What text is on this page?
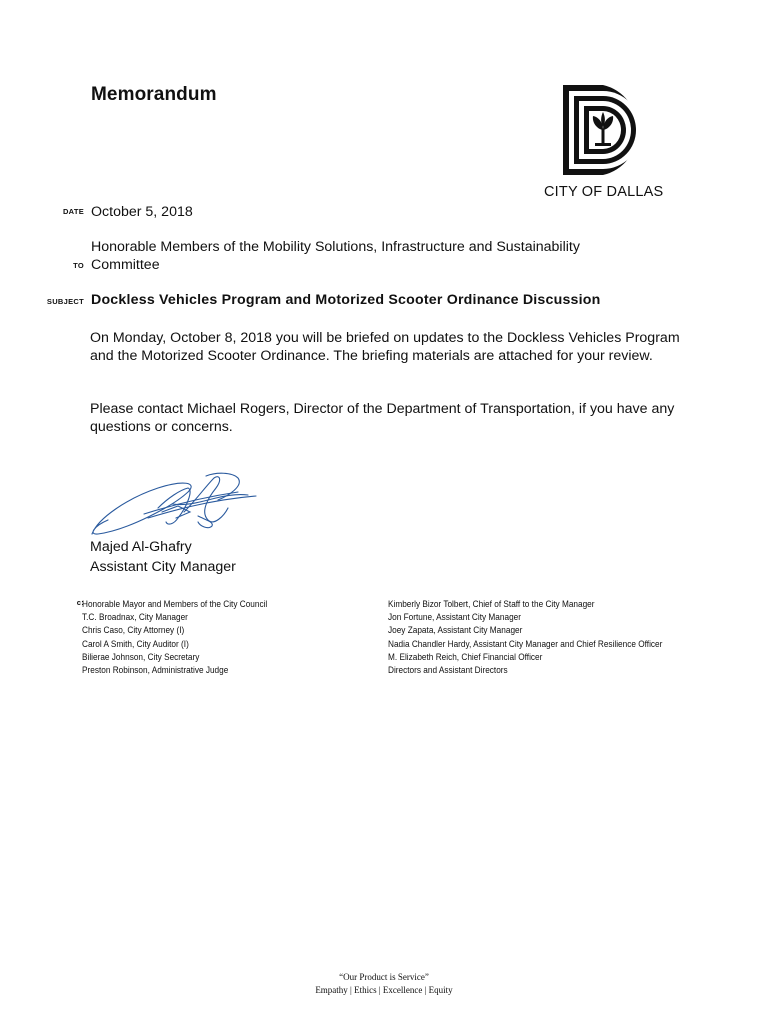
Memorandum
CITY OF DALLAS
DATE October 5, 2018
Honorable Members of the Mobility Solutions, Infrastructure and Sustainability
Committee
TO
SUBJECT Dockless Vehicles Program and Motorized Scooter Ordinance Discussion
On Monday, October 8, 2018 you will be briefed on updates to the Dockless Vehicles Program and the Motorized Scooter Ordinance. The briefing materials are attached for your review.
Please contact Michael Rogers, Director of the Department of Transportation, if you have any questions or concerns.
Majed Al-Ghafry
Assistant City Manager
c:
Honorable Mayor and Members of the City Council
T.C. Broadnax, City Manager
Chris Caso, City Attorney (I)
Carol A Smith, City Auditor (I)
Bilierae Johnson, City Secretary
Preston Robinson, Administrative Judge
Kimberly Bizor Tolbert, Chief of Staff to the City Manager
Jon Fortune, Assistant City Manager
Joey Zapata, Assistant City Manager
Nadia Chandler Hardy, Assistant City Manager and Chief Resilience Officer
M. Elizabeth Reich, Chief Financial Officer
Directors and Assistant Directors
“Our Product is Service”
Empathy | Ethics | Excellence | Equity
